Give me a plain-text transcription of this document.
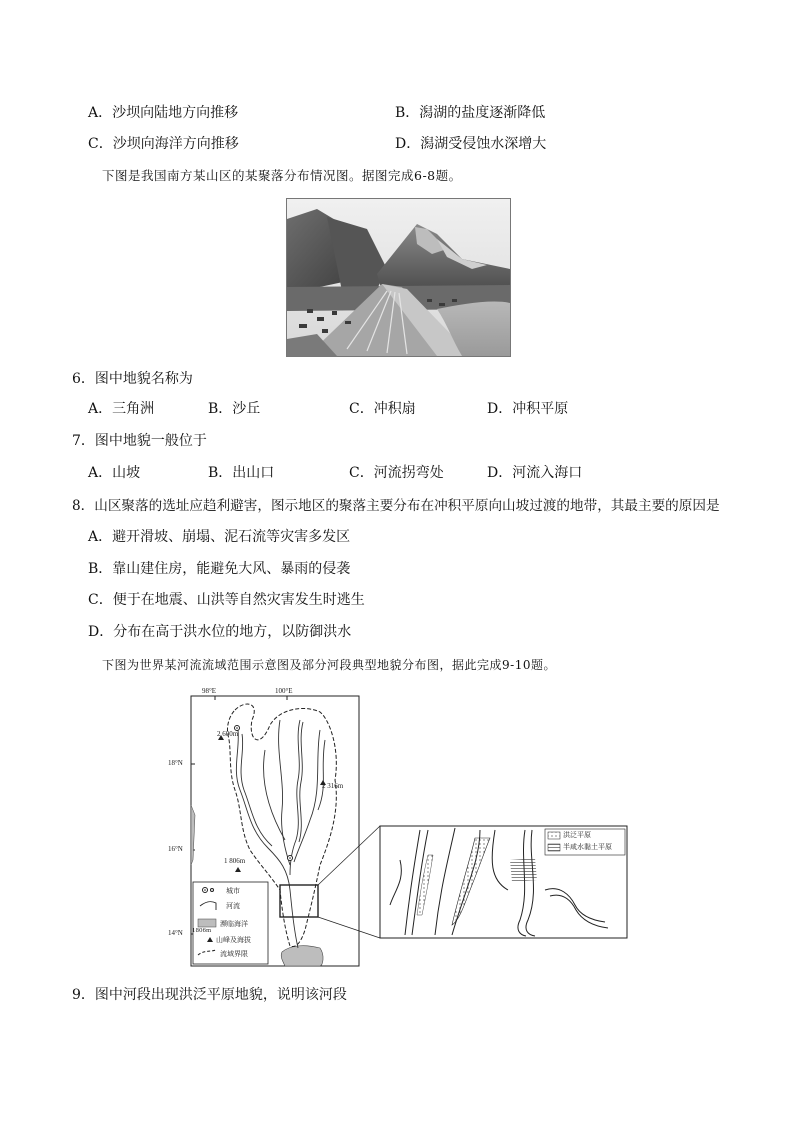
A．沙坝向陆地方向推移	B．潟湖的盐度逐渐降低
C．沙坝向海洋方向推移	D．潟湖受侵蚀水深增大
下图是我国南方某山区的某聚落分布情况图。据图完成6-8题。
6．图中地貌名称为
A．三角洲	B．沙丘	C．冲积扇	D．冲积平原
7．图中地貌一般位于
A．山坡	B．出山口	C．河流拐弯处	D．河流入海口
8．山区聚落的选址应趋利避害，图示地区的聚落主要分布在冲积平原向山坡过渡的地带，其最主要的原因是
A．避开滑坡、崩塌、泥石流等灾害多发区
B．靠山建住房，能避免大风、暴雨的侵袭
C．便于在地震、山洪等自然灾害发生时逃生
D．分布在高于洪水位的地方，以防御洪水
下图为世界某河流流域范围示意图及部分河段典型地貌分布图，据此完成9-10题。
98°E	100°E
18°N
16°N
14°N
2 600m
2 316m
1 806m
城市
河流
濒临海洋
1806m
山峰及海拔
流域界限
洪泛平原
半咸水黏土平原
9．图中河段出现洪泛平原地貌，说明该河段
